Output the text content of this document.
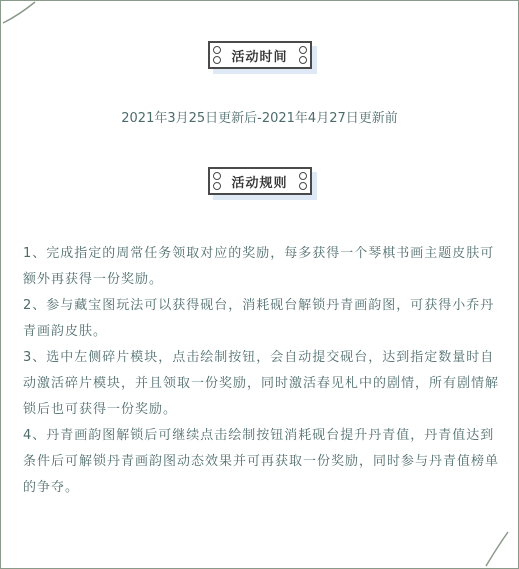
活动时间
2021年3月25日更新后-2021年4月27日更新前
活动规则

1、完成指定的周常任务领取对应的奖励，每多获得一个琴棋书画主题皮肤可额外再获得一份奖励。

2、参与藏宝图玩法可以获得砚台，消耗砚台解锁丹青画韵图，可获得小乔丹青画韵皮肤。

3、选中左侧碎片模块，点击绘制按钮，会自动提交砚台，达到指定数量时自动激活碎片模块，并且领取一份奖励，同时激活春见札中的剧情，所有剧情解锁后也可获得一份奖励。

4、丹青画韵图解锁后可继续点击绘制按钮消耗砚台提升丹青值，丹青值达到条件后可解锁丹青画韵图动态效果并可再获取一份奖励，同时参与丹青值榜单的争夺。
